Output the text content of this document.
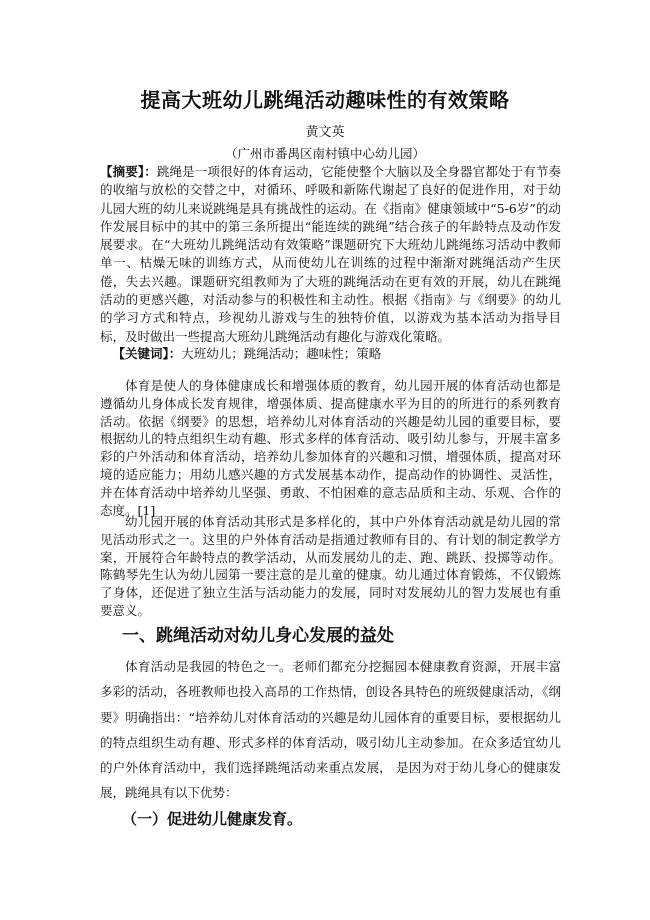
提高大班幼儿跳绳活动趣味性的有效策略
黄文英
（广州市番禺区南村镇中心幼儿园）
【摘要】：跳绳是一项很好的体育运动，它能使整个大脑以及全身器官都处于有节奏的收缩与放松的交替之中，对循环、呼吸和新陈代谢起了良好的促进作用，对于幼儿园大班的幼儿来说跳绳是具有挑战性的运动。在《指南》健康领域中“5-6岁”的动作发展目标中的其中的第三条所提出“能连续的跳绳”结合孩子的年龄特点及动作发展要求。在“大班幼儿跳绳活动有效策略”课题研究下大班幼儿跳绳练习活动中教师单一、枯燥无味的训练方式，从而使幼儿在训练的过程中渐渐对跳绳活动产生厌倦，失去兴趣。课题研究组教师为了大班的跳绳活动在更有效的开展，幼儿在跳绳活动的更感兴趣，对活动参与的积极性和主动性。根据《指南》与《纲要》的幼儿的学习方式和特点，珍视幼儿游戏与生的独特价值，以游戏为基本活动为指导目标，及时做出一些提高大班幼儿跳绳活动有趣化与游戏化策略。
【关键词】：大班幼儿；跳绳活动；趣味性；策略
体育是使人的身体健康成长和增强体质的教育，幼儿园开展的体育活动也都是遵循幼儿身体成长发育规律，增强体质、提高健康水平为目的的所进行的系列教育活动。依据《纲要》的思想，培养幼儿对体育活动的兴趣是幼儿园的重要目标，要根据幼儿的特点组织生动有趣、形式多样的体育活动、吸引幼儿参与，开展丰富多彩的户外活动和体育活动，培养幼儿参加体育的兴趣和习惯，增强体质，提高对环境的适应能力；用幼儿感兴趣的方式发展基本动作，提高动作的协调性、灵活性，并在体育活动中培养幼儿坚强、勇敢、不怕困难的意志品质和主动、乐观、合作的态度。[1]
幼儿园开展的体育活动其形式是多样化的，其中户外体育活动就是幼儿园的常见活动形式之一。这里的户外体育活动是指通过教师有目的、有计划的制定教学方案，开展符合年龄特点的教学活动，从而发展幼儿的走、跑、跳跃、投掷等动作。陈鹤琴先生认为幼儿园第一要注意的是儿童的健康。幼儿通过体育锻炼，不仅锻炼了身体，还促进了独立生活与活动能力的发展，同时对发展幼儿的智力发展也有重要意义。
一、跳绳活动对幼儿身心发展的益处
体育活动是我园的特色之一。老师们都充分挖掘园本健康教育资源，开展丰富多彩的活动，各班教师也投入高昂的工作热情，创设各具特色的班级健康活动，《纲要》明确指出：“培养幼儿对体育活动的兴趣是幼儿园体育的重要目标，要根据幼儿的特点组织生动有趣、形式多样的体育活动，吸引幼儿主动参加。在众多适宜幼儿的户外体育活动中，我们选择跳绳活动来重点发展， 是因为对于幼儿身心的健康发展，跳绳具有以下优势：
（一）促进幼儿健康发育。
